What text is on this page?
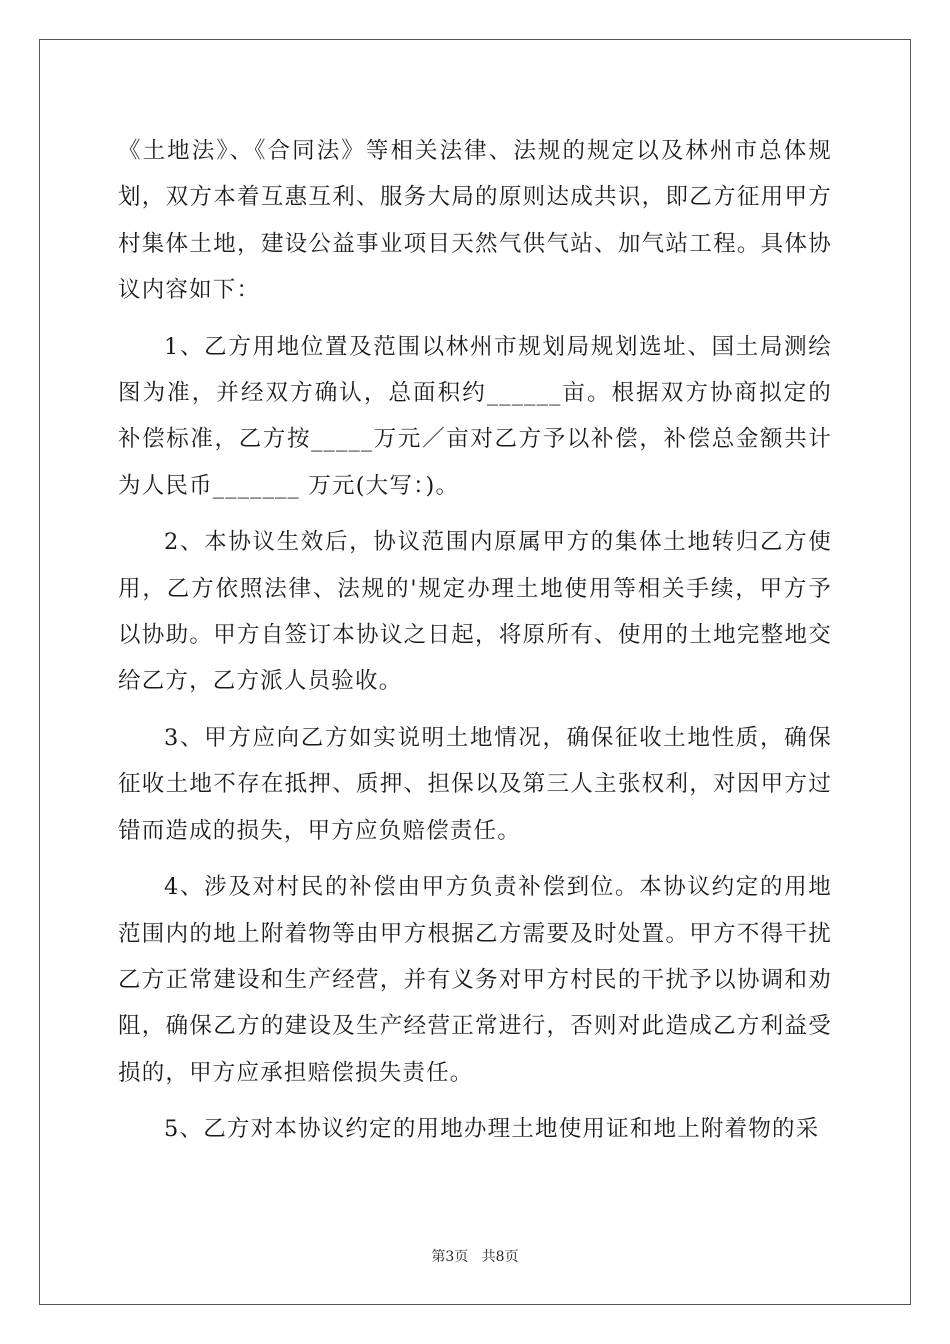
《土地法》、《合同法》等相关法律、法规的规定以及林州市总体规划，双方本着互惠互利、服务大局的原则达成共识，即乙方征用甲方村集体土地，建设公益事业项目天然气供气站、加气站工程。具体协议内容如下：

1、乙方用地位置及范围以林州市规划局规划选址、国土局测绘图为准，并经双方确认，总面积约______亩。根据双方协商拟定的补偿标准，乙方按_____万元／亩对乙方予以补偿，补偿总金额共计为人民币_______ 万元(大写：)。

2、本协议生效后，协议范围内原属甲方的集体土地转归乙方使用，乙方依照法律、法规的'规定办理土地使用等相关手续，甲方予以协助。甲方自签订本协议之日起，将原所有、使用的土地完整地交给乙方，乙方派人员验收。

3、甲方应向乙方如实说明土地情况，确保征收土地性质，确保征收土地不存在抵押、质押、担保以及第三人主张权利，对因甲方过错而造成的损失，甲方应负赔偿责任。

4、涉及对村民的补偿由甲方负责补偿到位。本协议约定的用地范围内的地上附着物等由甲方根据乙方需要及时处置。甲方不得干扰乙方正常建设和生产经营，并有义务对甲方村民的干扰予以协调和劝阻，确保乙方的建设及生产经营正常进行，否则对此造成乙方利益受损的，甲方应承担赔偿损失责任。

5、乙方对本协议约定的用地办理土地使用证和地上附着物的采

第3页   共8页
